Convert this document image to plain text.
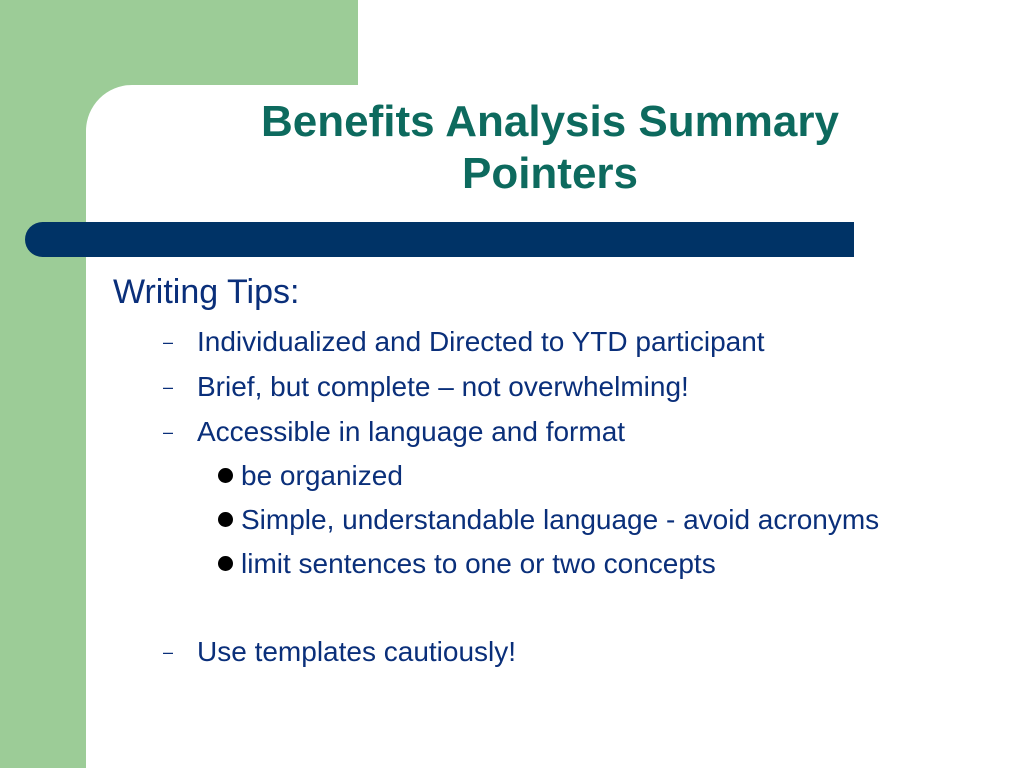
Benefits Analysis Summary
Pointers
Writing Tips:
– Individualized and Directed to YTD participant
– Brief, but complete – not overwhelming!
– Accessible in language and format
be organized
Simple, understandable language - avoid acronyms
limit sentences to one or two concepts
– Use templates cautiously!
